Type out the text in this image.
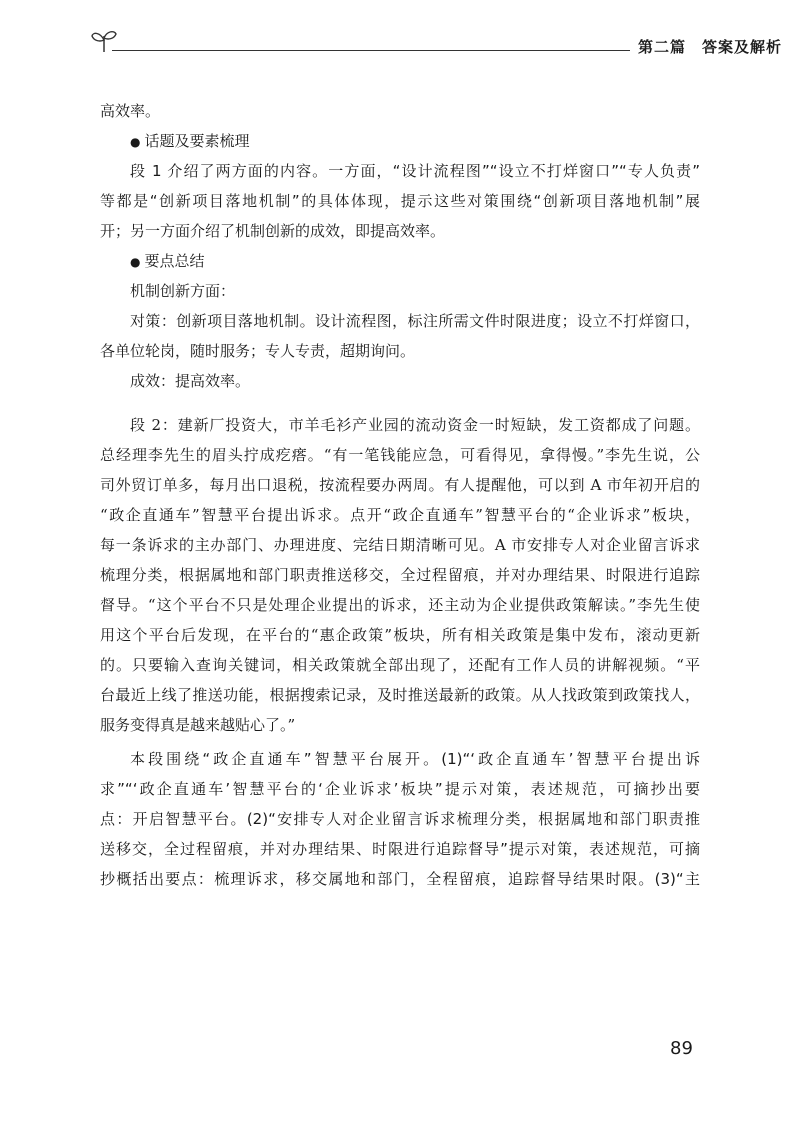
第二篇　答案及解析
高效率。
● 话题及要素梳理
段 1 介绍了两方面的内容。一方面，“设计流程图”“设立不打烊窗口”“专人负责”
等都是“创新项目落地机制”的具体体现，提示这些对策围绕“创新项目落地机制”展
开；另一方面介绍了机制创新的成效，即提高效率。
● 要点总结
机制创新方面：
对策：创新项目落地机制。设计流程图，标注所需文件时限进度；设立不打烊窗口，
各单位轮岗，随时服务；专人专责，超期询问。
成效：提高效率。
段 2：建新厂投资大，市羊毛衫产业园的流动资金一时短缺，发工资都成了问题。
总经理李先生的眉头拧成疙瘩。“有一笔钱能应急，可看得见，拿得慢。”李先生说，公
司外贸订单多，每月出口退税，按流程要办两周。有人提醒他，可以到 A 市年初开启的
“政企直通车”智慧平台提出诉求。点开“政企直通车”智慧平台的“企业诉求”板块，
每一条诉求的主办部门、办理进度、完结日期清晰可见。A 市安排专人对企业留言诉求
梳理分类，根据属地和部门职责推送移交，全过程留痕，并对办理结果、时限进行追踪
督导。“这个平台不只是处理企业提出的诉求，还主动为企业提供政策解读。”李先生使
用这个平台后发现，在平台的“惠企政策”板块，所有相关政策是集中发布，滚动更新
的。只要输入查询关键词，相关政策就全部出现了，还配有工作人员的讲解视频。“平
台最近上线了推送功能，根据搜索记录，及时推送最新的政策。从人找政策到政策找人，
服务变得真是越来越贴心了。”
本段围绕“政企直通车”智慧平台展开。(1)“‘政企直通车’智慧平台提出诉
求”“‘政企直通车’智慧平台的‘企业诉求’板块”提示对策，表述规范，可摘抄出要
点：开启智慧平台。(2)“安排专人对企业留言诉求梳理分类，根据属地和部门职责推
送移交，全过程留痕，并对办理结果、时限进行追踪督导”提示对策，表述规范，可摘
抄概括出要点：梳理诉求，移交属地和部门，全程留痕，追踪督导结果时限。(3)“主
89
